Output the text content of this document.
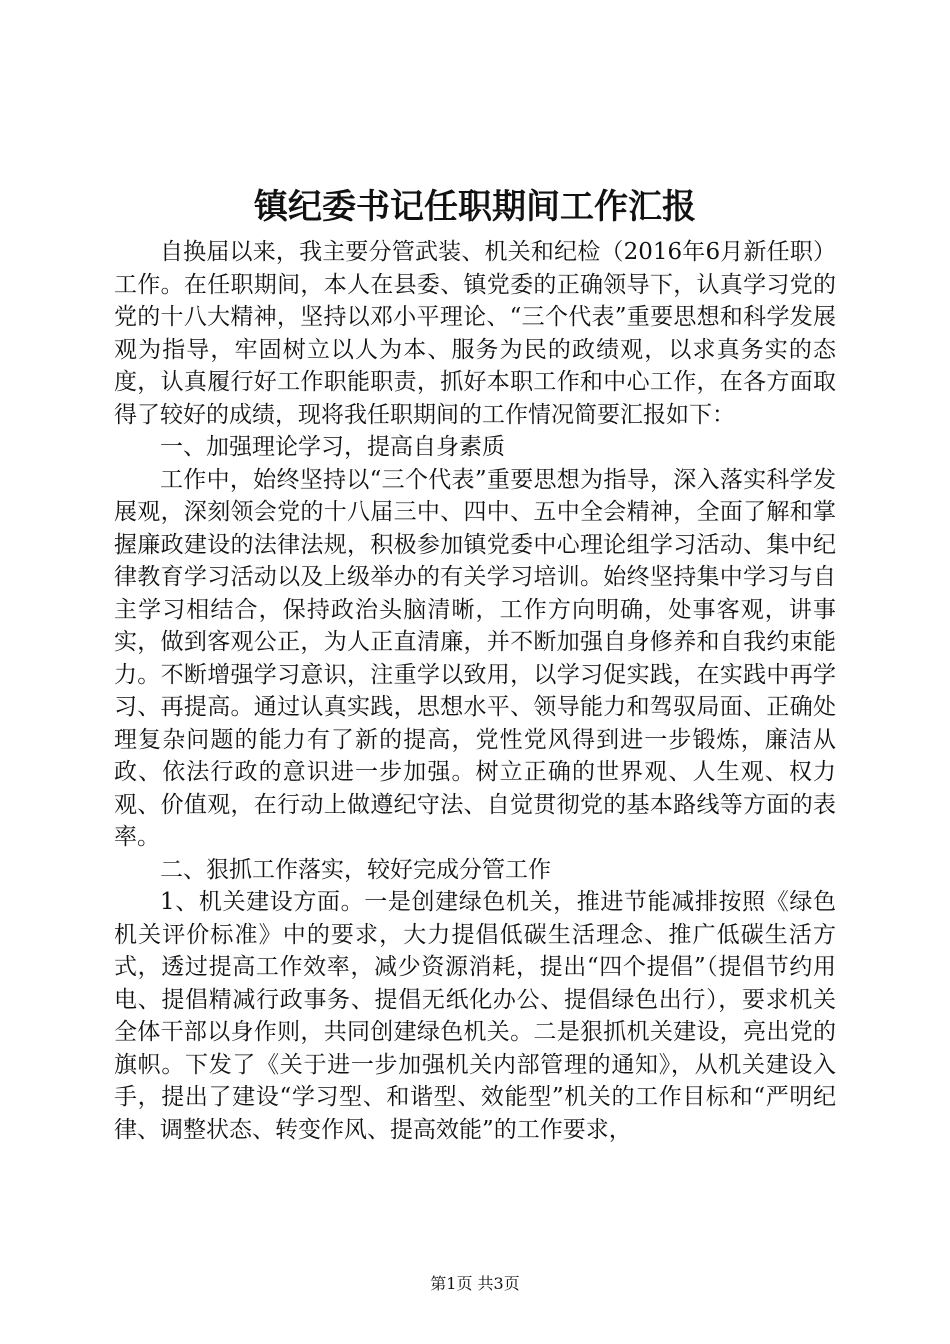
镇纪委书记任职期间工作汇报

自换届以来，我主要分管武装、机关和纪检（2016年6月新任职）工作。在任职期间，本人在县委、镇党委的正确领导下，认真学习党的党的十八大精神，坚持以邓小平理论、“三个代表”重要思想和科学发展观为指导，牢固树立以人为本、服务为民的政绩观，以求真务实的态度，认真履行好工作职能职责，抓好本职工作和中心工作，在各方面取得了较好的成绩，现将我任职期间的工作情况简要汇报如下：

一、加强理论学习，提高自身素质

工作中，始终坚持以“三个代表”重要思想为指导，深入落实科学发展观，深刻领会党的十八届三中、四中、五中全会精神，全面了解和掌握廉政建设的法律法规，积极参加镇党委中心理论组学习活动、集中纪律教育学习活动以及上级举办的有关学习培训。始终坚持集中学习与自主学习相结合，保持政治头脑清晰，工作方向明确，处事客观，讲事实，做到客观公正，为人正直清廉，并不断加强自身修养和自我约束能力。不断增强学习意识，注重学以致用，以学习促实践，在实践中再学习、再提高。通过认真实践，思想水平、领导能力和驾驭局面、正确处理复杂问题的能力有了新的提高，党性党风得到进一步锻炼，廉洁从政、依法行政的意识进一步加强。树立正确的世界观、人生观、权力观、价值观，在行动上做遵纪守法、自觉贯彻党的基本路线等方面的表率。

二、狠抓工作落实，较好完成分管工作

1、机关建设方面。一是创建绿色机关，推进节能减排按照《绿色机关评价标准》中的要求，大力提倡低碳生活理念、推广低碳生活方式，透过提高工作效率，减少资源消耗，提出“四个提倡”（提倡节约用电、提倡精减行政事务、提倡无纸化办公、提倡绿色出行），要求机关全体干部以身作则，共同创建绿色机关。二是狠抓机关建设，亮出党的旗帜。下发了《关于进一步加强机关内部管理的通知》，从机关建设入手，提出了建设“学习型、和谐型、效能型”机关的工作目标和“严明纪律、调整状态、转变作风、提高效能”的工作要求，

第1页 共3页
